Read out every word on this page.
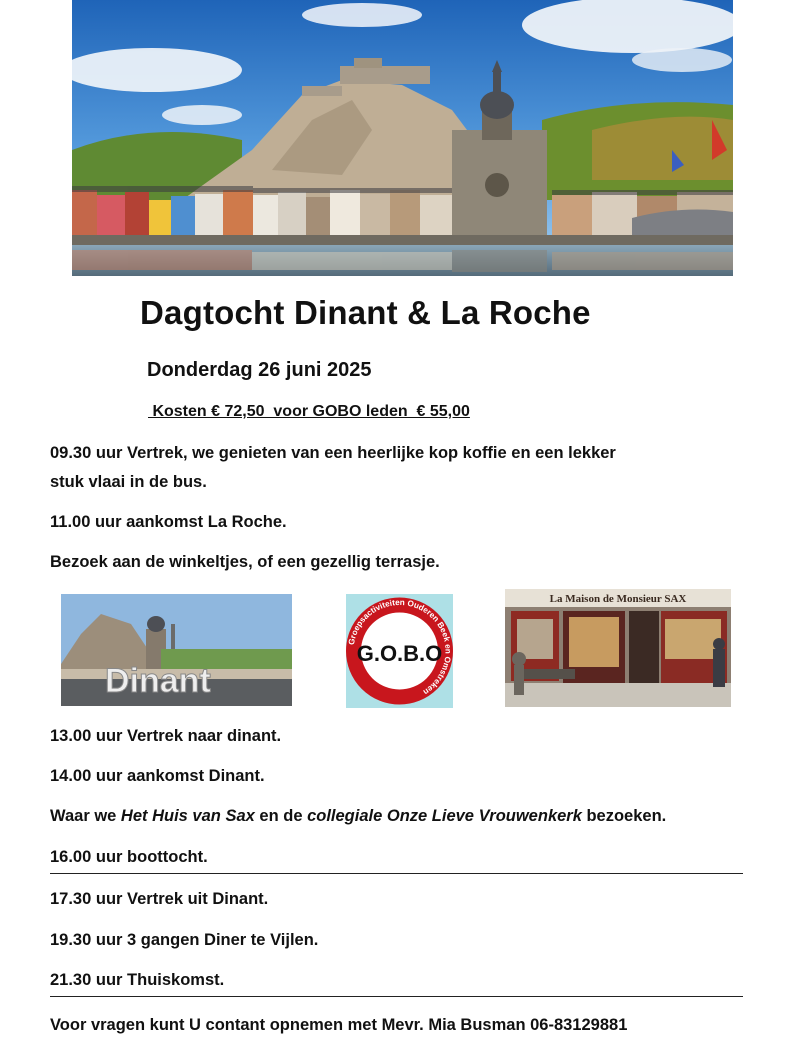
Dagtocht Dinant & La Roche

Donderdag 26 juni 2025

Kosten € 72,50  voor GOBO leden  € 55,00

09.30 uur Vertrek, we genieten van een heerlijke kop koffie en een lekker

stuk vlaai in de bus.

11.00 uur aankomst La Roche.

Bezoek aan de winkeltjes, of een gezellig terrasje.

Dinant
Groepsactiviteiten Ouderen Beek en Omstreken
G.O.B.O
La Maison de Monsieur SAX

13.00 uur Vertrek naar dinant.

14.00 uur aankomst Dinant.

Waar we Het Huis van Sax en de collegiale Onze Lieve Vrouwenkerk bezoeken.

16.00 uur boottocht.

17.30 uur Vertrek uit Dinant.

19.30 uur 3 gangen Diner te Vijlen.

21.30 uur Thuiskomst.

Voor vragen kunt U contant opnemen met Mevr. Mia Busman 06-83129881
